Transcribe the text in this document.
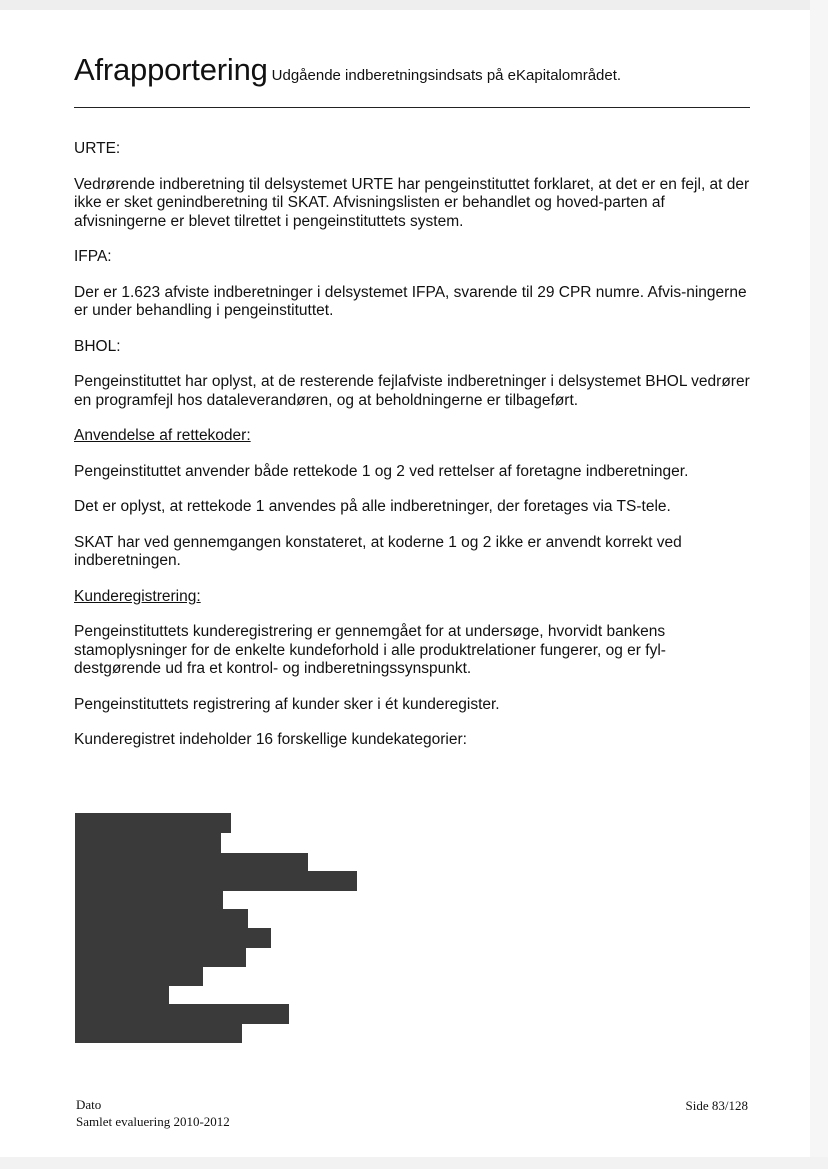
Afrapportering Udgående indberetningsindsats på eKapitalområdet.

URTE:

Vedrørende indberetning til delsystemet URTE har pengeinstituttet forklaret, at det er en fejl, at der ikke er sket genindberetning til SKAT. Afvisningslisten er behandlet og hoved-parten af afvisningerne er blevet tilrettet i pengeinstituttets system.

IFPA:

Der er 1.623 afviste indberetninger i delsystemet IFPA, svarende til 29 CPR numre. Afvis-ningerne er under behandling i pengeinstituttet.

BHOL:

Pengeinstituttet har oplyst, at de resterende fejlafviste indberetninger i delsystemet BHOL vedrører en programfejl hos dataleverandøren, og at beholdningerne er tilbageført.

Anvendelse af rettekoder:

Pengeinstituttet anvender både rettekode 1 og 2 ved rettelser af foretagne indberetninger.

Det er oplyst, at rettekode 1 anvendes på alle indberetninger, der foretages via TS-tele.

SKAT har ved gennemgangen konstateret, at koderne 1 og 2 ikke er anvendt korrekt ved indberetningen.

Kunderegistrering:

Pengeinstituttets kunderegistrering er gennemgået for at undersøge, hvorvidt bankens stamoplysninger for de enkelte kundeforhold i alle produktrelationer fungerer, og er fyl-destgørende ud fra et kontrol- og indberetningssynspunkt.

Pengeinstituttets registrering af kunder sker i ét kunderegister.

Kunderegistret indeholder 16 forskellige kundekategorier:

Dato
Samlet evaluering 2010-2012
Side 83/128
